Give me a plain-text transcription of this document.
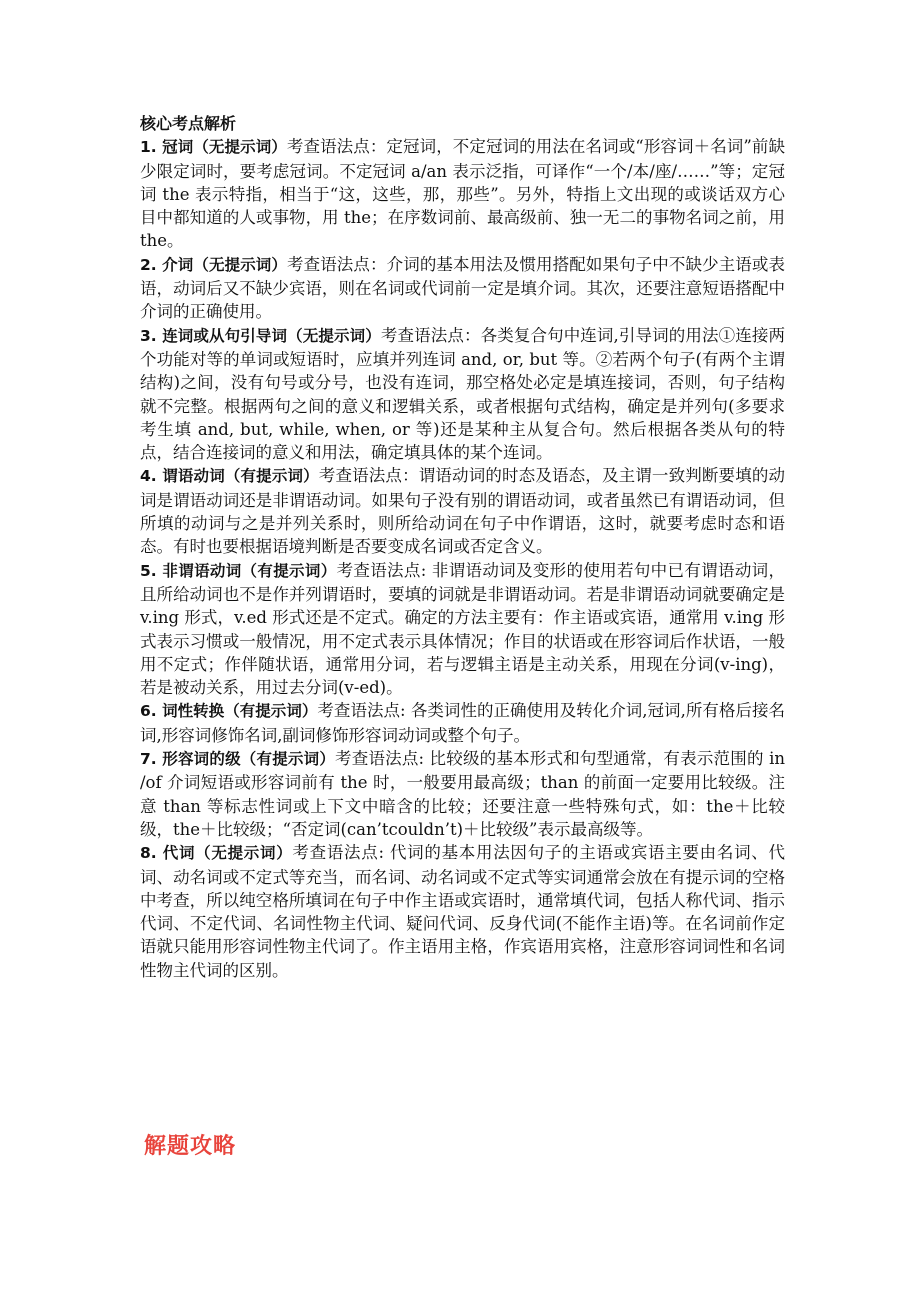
核心考点解析

1. 冠词（无提示词）考查语法点：定冠词，不定冠词的用法在名词或“形容词＋名词”前缺少限定词时，要考虑冠词。不定冠词 a/an 表示泛指，可译作“一个/本/座/……”等；定冠词 the 表示特指，相当于“这，这些，那，那些”。另外，特指上文出现的或谈话双方心目中都知道的人或事物，用 the；在序数词前、最高级前、独一无二的事物名词之前，用 the。

2. 介词（无提示词）考查语法点：介词的基本用法及惯用搭配如果句子中不缺少主语或表语，动词后又不缺少宾语，则在名词或代词前一定是填介词。其次，还要注意短语搭配中介词的正确使用。

3. 连词或从句引导词（无提示词）考查语法点：各类复合句中连词,引导词的用法①连接两个功能对等的单词或短语时，应填并列连词 and, or, but 等。②若两个句子(有两个主谓结构)之间，没有句号或分号，也没有连词，那空格处必定是填连接词，否则，句子结构就不完整。根据两句之间的意义和逻辑关系，或者根据句式结构，确定是并列句(多要求考生填 and, but, while, when, or 等)还是某种主从复合句。然后根据各类从句的特点，结合连接词的意义和用法，确定填具体的某个连词。

4. 谓语动词（有提示词）考查语法点：谓语动词的时态及语态，及主谓一致判断要填的动词是谓语动词还是非谓语动词。如果句子没有别的谓语动词，或者虽然已有谓语动词，但所填的动词与之是并列关系时，则所给动词在句子中作谓语，这时，就要考虑时态和语态。有时也要根据语境判断是否要变成名词或否定含义。

5. 非谓语动词（有提示词）考查语法点: 非谓语动词及变形的使用若句中已有谓语动词，且所给动词也不是作并列谓语时，要填的词就是非谓语动词。若是非谓语动词就要确定是 v.ing 形式，v.ed 形式还是不定式。确定的方法主要有：作主语或宾语，通常用 v.ing 形式表示习惯或一般情况，用不定式表示具体情况；作目的状语或在形容词后作状语，一般用不定式；作伴随状语，通常用分词，若与逻辑主语是主动关系，用现在分词(v-ing)，若是被动关系，用过去分词(v-ed)。

6. 词性转换（有提示词）考查语法点: 各类词性的正确使用及转化介词,冠词,所有格后接名词,形容词修饰名词,副词修饰形容词动词或整个句子。

7. 形容词的级（有提示词）考查语法点: 比较级的基本形式和句型通常，有表示范围的 in /of 介词短语或形容词前有 the 时，一般要用最高级；than 的前面一定要用比较级。注意 than 等标志性词或上下文中暗含的比较；还要注意一些特殊句式，如：the＋比较级，the＋比较级；“否定词(can’tcouldn’t)＋比较级”表示最高级等。

8. 代词（无提示词）考查语法点: 代词的基本用法因句子的主语或宾语主要由名词、代词、动名词或不定式等充当，而名词、动名词或不定式等实词通常会放在有提示词的空格中考查，所以纯空格所填词在句子中作主语或宾语时，通常填代词，包括人称代词、指示代词、不定代词、名词性物主代词、疑问代词、反身代词(不能作主语)等。在名词前作定语就只能用形容词性物主代词了。作主语用主格，作宾语用宾格，注意形容词词性和名词性物主代词的区别。

解题攻略
